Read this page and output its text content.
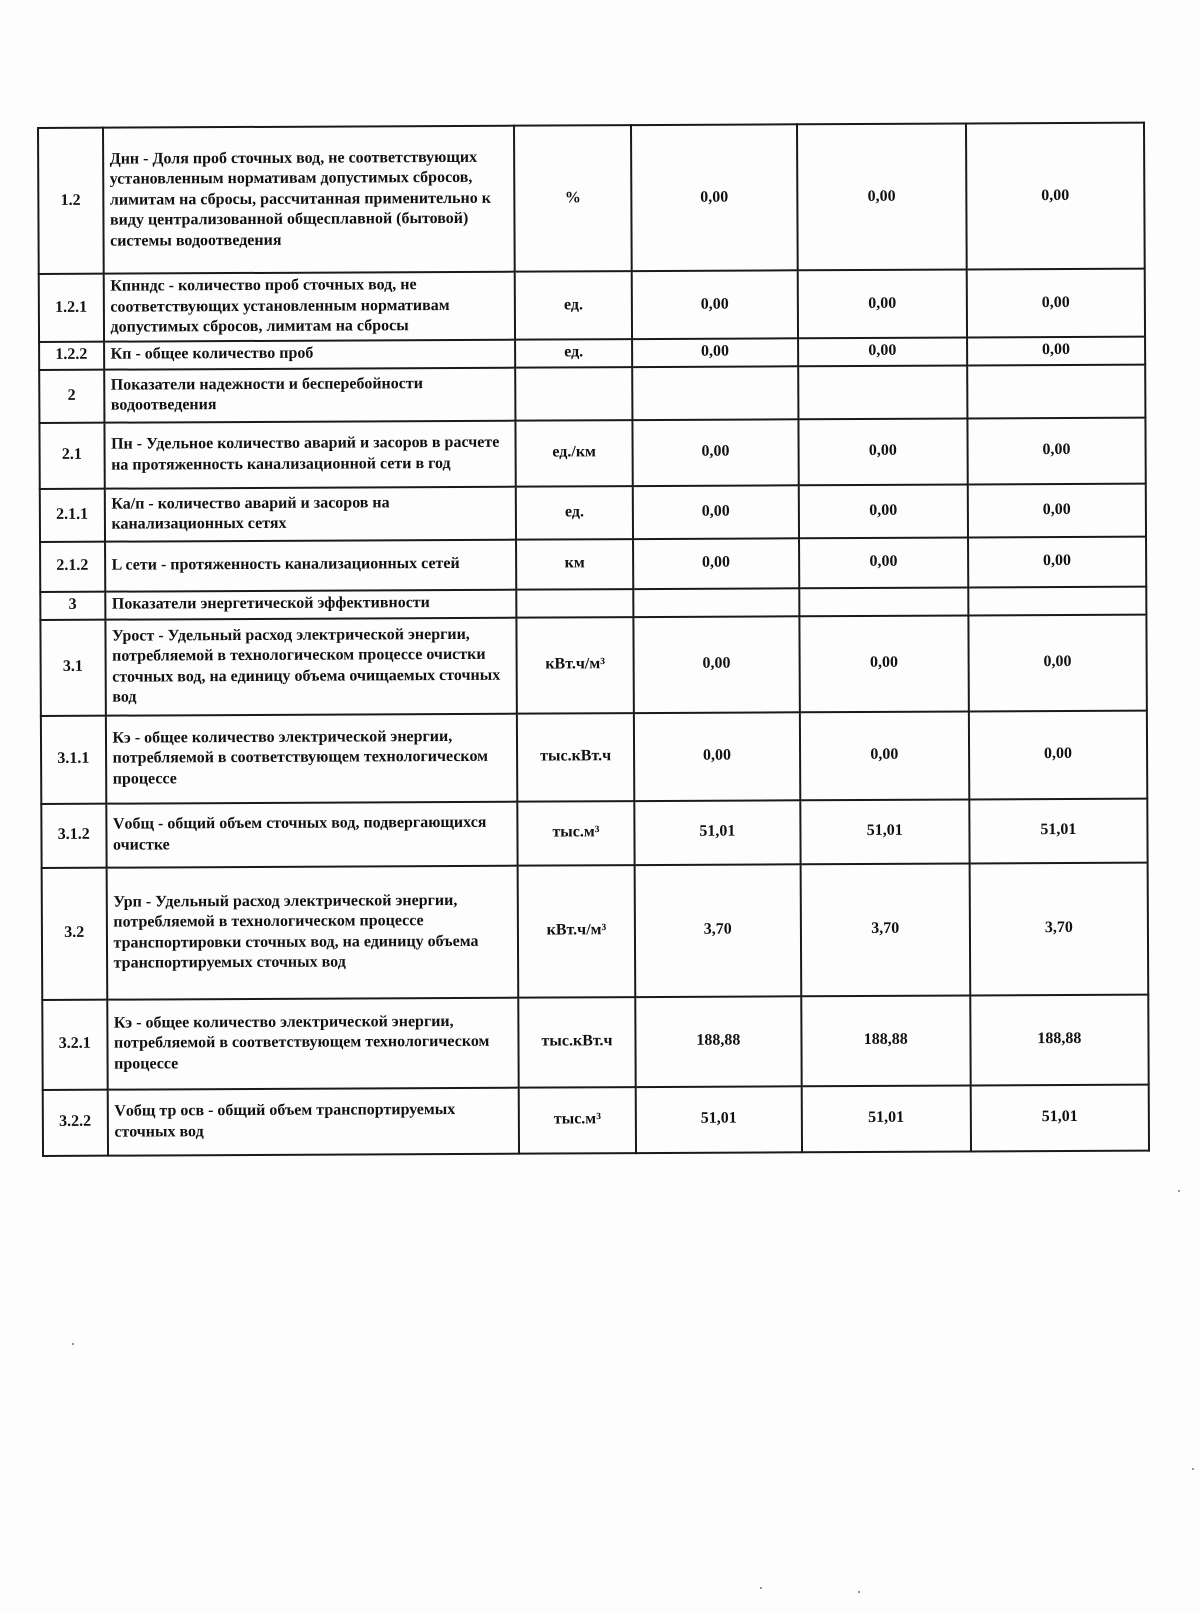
1.2	Днн - Доля проб сточных вод, не соответствующих установленным нормативам допустимых сбросов, лимитам на сбросы, рассчитанная применительно к виду централизованной общесплавной (бытовой) системы водоотведения	%	0,00	0,00	0,00
1.2.1	Кпнндс - количество проб сточных вод, не соответствующих установленным нормативам допустимых сбросов, лимитам на сбросы	ед.	0,00	0,00	0,00
1.2.2	Кп - общее количество проб	ед.	0,00	0,00	0,00
2	Показатели надежности и бесперебойности водоотведения				
2.1	Пн - Удельное количество аварий и засоров в расчете на протяженность канализационной сети в год	ед./км	0,00	0,00	0,00
2.1.1	Ка/п - количество аварий и засоров на канализационных сетях	ед.	0,00	0,00	0,00
2.1.2	L сети - протяженность канализационных сетей	км	0,00	0,00	0,00
3	Показатели энергетической эффективности				
3.1	Урост - Удельный расход электрической энергии, потребляемой в технологическом процессе очистки сточных вод, на единицу объема очищаемых сточных вод	кВт.ч/м³	0,00	0,00	0,00
3.1.1	Кэ - общее количество электрической энергии, потребляемой в соответствующем технологическом процессе	тыс.кВт.ч	0,00	0,00	0,00
3.1.2	Vобщ - общий объем сточных вод, подвергающихся очистке	тыс.м³	51,01	51,01	51,01
3.2	Урп - Удельный расход электрической энергии, потребляемой в технологическом процессе транспортировки сточных вод, на единицу объема транспортируемых сточных вод	кВт.ч/м³	3,70	3,70	3,70
3.2.1	Кэ - общее количество электрической энергии, потребляемой в соответствующем технологическом процессе	тыс.кВт.ч	188,88	188,88	188,88
3.2.2	Vобщ тр осв - общий объем транспортируемых сточных вод	тыс.м³	51,01	51,01	51,01
